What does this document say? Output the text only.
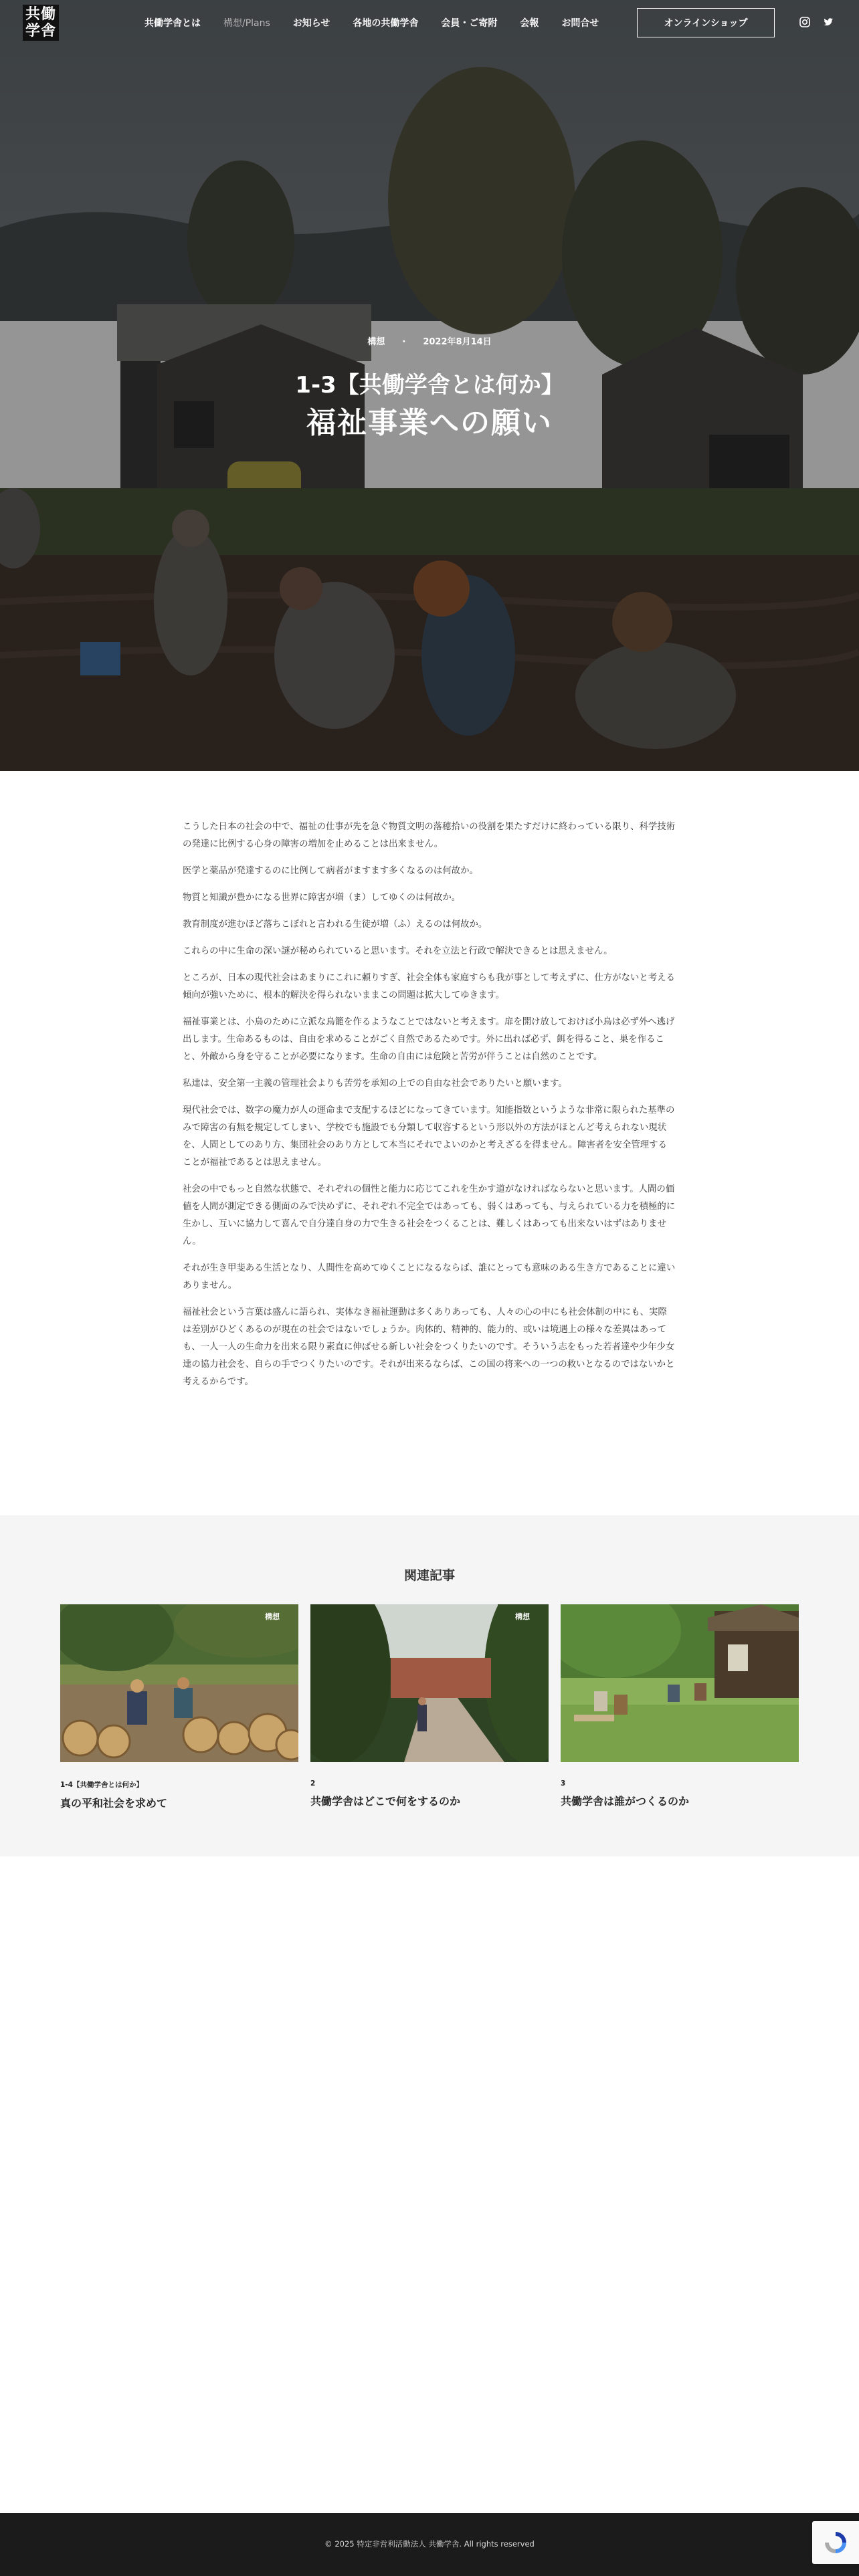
構想 ・ 2022年8月14日
1-3【共働学舎とは何か】
福祉事業への願い
共働
学舎	共働学舎とは 構想/Plans お知らせ 各地の共働学舎 会員・ご寄附 会報 お問合せ	オンラインショップ

こうした日本の社会の中で、福祉の仕事が先を急ぐ物質文明の落穂拾いの役割を果たすだけに終わっている限り、科学技術の発達に比例する心身の障害の増加を止めることは出来ません。

医学と薬品が発達するのに比例して病者がますます多くなるのは何故か。

物質と知識が豊かになる世界に障害が増（ま）してゆくのは何故か。

教育制度が進むほど落ちこぼれと言われる生徒が増（ふ）えるのは何故か。

これらの中に生命の深い謎が秘められていると思います。それを立法と行政で解決できるとは思えません。

ところが、日本の現代社会はあまりにこれに頼りすぎ、社会全体も家庭すらも我が事として考えずに、仕方がないと考える傾向が強いために、根本的解決を得られないままこの問題は拡大してゆきます。

福祉事業とは、小鳥のために立派な鳥籠を作るようなことではないと考えます。扉を開け放しておけば小鳥は必ず外へ逃げ出します。生命あるものは、自由を求めることがごく自然であるためです。外に出れば必ず、餌を得ること、巣を作ること、外敵から身を守ることが必要になります。生命の自由には危険と苦労が伴うことは自然のことです。

私達は、安全第一主義の管理社会よりも苦労を承知の上での自由な社会でありたいと願います。

現代社会では、数字の魔力が人の運命まで支配するほどになってきています。知能指数というような非常に限られた基準のみで障害の有無を規定してしまい、学校でも施設でも分類して収容するという形以外の方法がほとんど考えられない現状を、人間としてのあり方、集団社会のあり方として本当にそれでよいのかと考えざるを得ません。障害者を安全管理することが福祉であるとは思えません。

社会の中でもっと自然な状態で、それぞれの個性と能力に応じてこれを生かす道がなければならないと思います。人間の価値を人間が測定できる側面のみで決めずに、それぞれ不完全ではあっても、弱くはあっても、与えられている力を積極的に生かし、互いに協力して喜んで自分達自身の力で生きる社会をつくることは、難しくはあっても出来ないはずはありません。

それが生き甲斐ある生活となり、人間性を高めてゆくことになるならば、誰にとっても意味のある生き方であることに違いありません。

福祉社会という言葉は盛んに語られ、実体なき福祉運動は多くありあっても、人々の心の中にも社会体制の中にも、実際は差別がひどくあるのが現在の社会ではないでしょうか。肉体的、精神的、能力的、或いは境遇上の様々な差異はあっても、一人一人の生命力を出来る限り素直に伸ばせる新しい社会をつくりたいのです。そういう志をもった若者達や少年少女達の協力社会を、自らの手でつくりたいのです。それが出来るならば、この国の将来への一つの救いとなるのではないかと考えるからです。

関連記事
構想
1-4【共働学舎とは何か】
真の平和社会を求めて
構想
2
共働学舎はどこで何をするのか
3
共働学舎は誰がつくるのか
© 2025 特定非営利活動法人 共働学舎. All rights reserved
